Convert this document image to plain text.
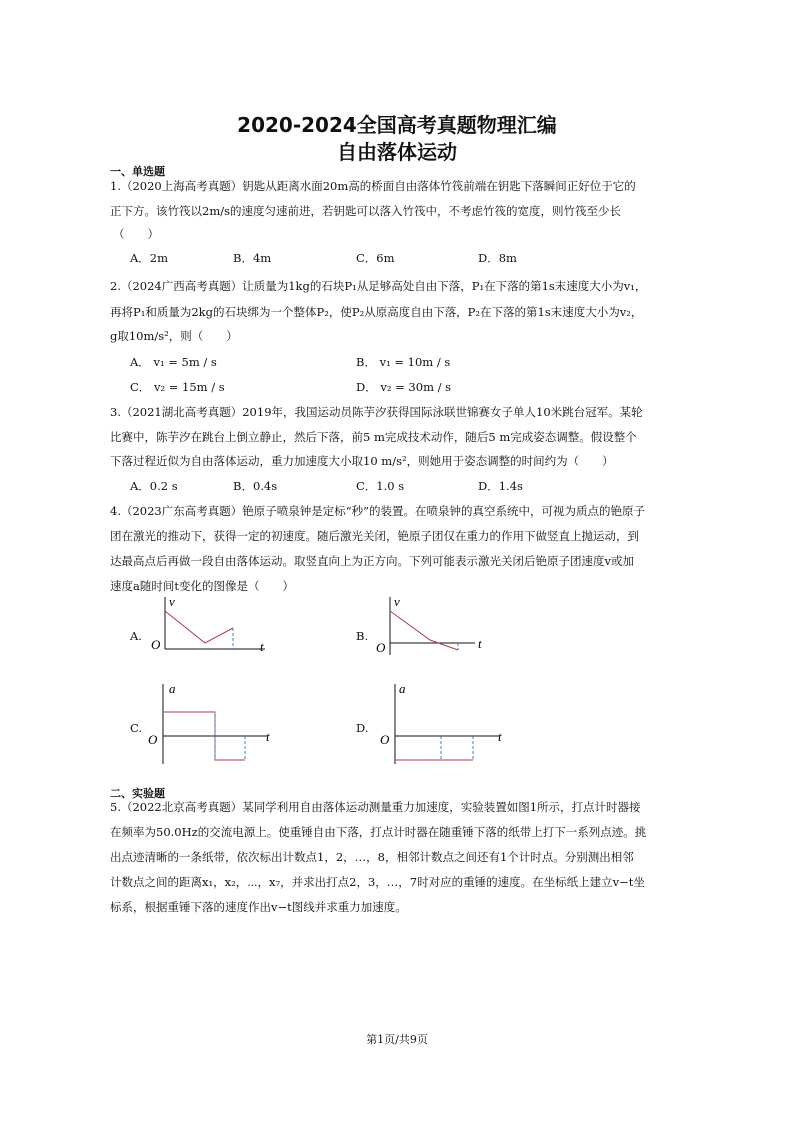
2020-2024全国高考真题物理汇编
自由落体运动
一、单选题
1.（2020上海高考真题）钥匙从距离水面20m高的桥面自由落体竹筏前端在钥匙下落瞬间正好位于它的
正下方。该竹筏以2m/s的速度匀速前进，若钥匙可以落入竹筏中，不考虑竹筏的宽度，则竹筏至少长
（　　）
A．2m	B．4m	C．6m	D．8m
2.（2024广西高考真题）让质量为1kg的石块P₁从足够高处自由下落，P₁在下落的第1s末速度大小为v₁，
再将P₁和质量为2kg的石块绑为一个整体P₂，使P₂从原高度自由下落，P₂在下落的第1s末速度大小为v₂，
g取10m/s²，则（　　）
A． v₁ = 5m / s	B． v₁ = 10m / s
C． v₂ = 15m / s	D． v₂ = 30m / s
3.（2021湖北高考真题）2019年，我国运动员陈芋汐获得国际泳联世锦赛女子单人10米跳台冠军。某轮
比赛中，陈芋汐在跳台上倒立静止，然后下落，前5 m完成技术动作，随后5 m完成姿态调整。假设整个
下落过程近似为自由落体运动，重力加速度大小取10 m/s²，则她用于姿态调整的时间约为（　　）
A．0.2 s	B．0.4s	C．1.0 s	D．1.4s
4.（2023广东高考真题）铯原子喷泉钟是定标“秒”的装置。在喷泉钟的真空系统中，可视为质点的铯原子
团在激光的推动下，获得一定的初速度。随后激光关闭，铯原子团仅在重力的作用下做竖直上抛运动，到
达最高点后再做一段自由落体运动。取竖直向上为正方向。下列可能表示激光关闭后铯原子团速度v或加
速度a随时间t变化的图像是（　　）
A.
v
O	t
B.
v
O	t
C.
a
O	t
D.
a
O	t
二、实验题
5.（2022北京高考真题）某同学利用自由落体运动测量重力加速度，实验装置如图1所示，打点计时器接
在频率为50.0Hz的交流电源上。使重锤自由下落，打点计时器在随重锤下落的纸带上打下一系列点迹。挑
出点迹清晰的一条纸带，依次标出计数点1，2，…，8，相邻计数点之间还有1个计时点。分别测出相邻
计数点之间的距离x₁，x₂，⋯，x₇，并求出打点2，3，…，7时对应的重锤的速度。在坐标纸上建立v−t坐
标系，根据重锤下落的速度作出v−t图线并求重力加速度。
第1页/共9页
